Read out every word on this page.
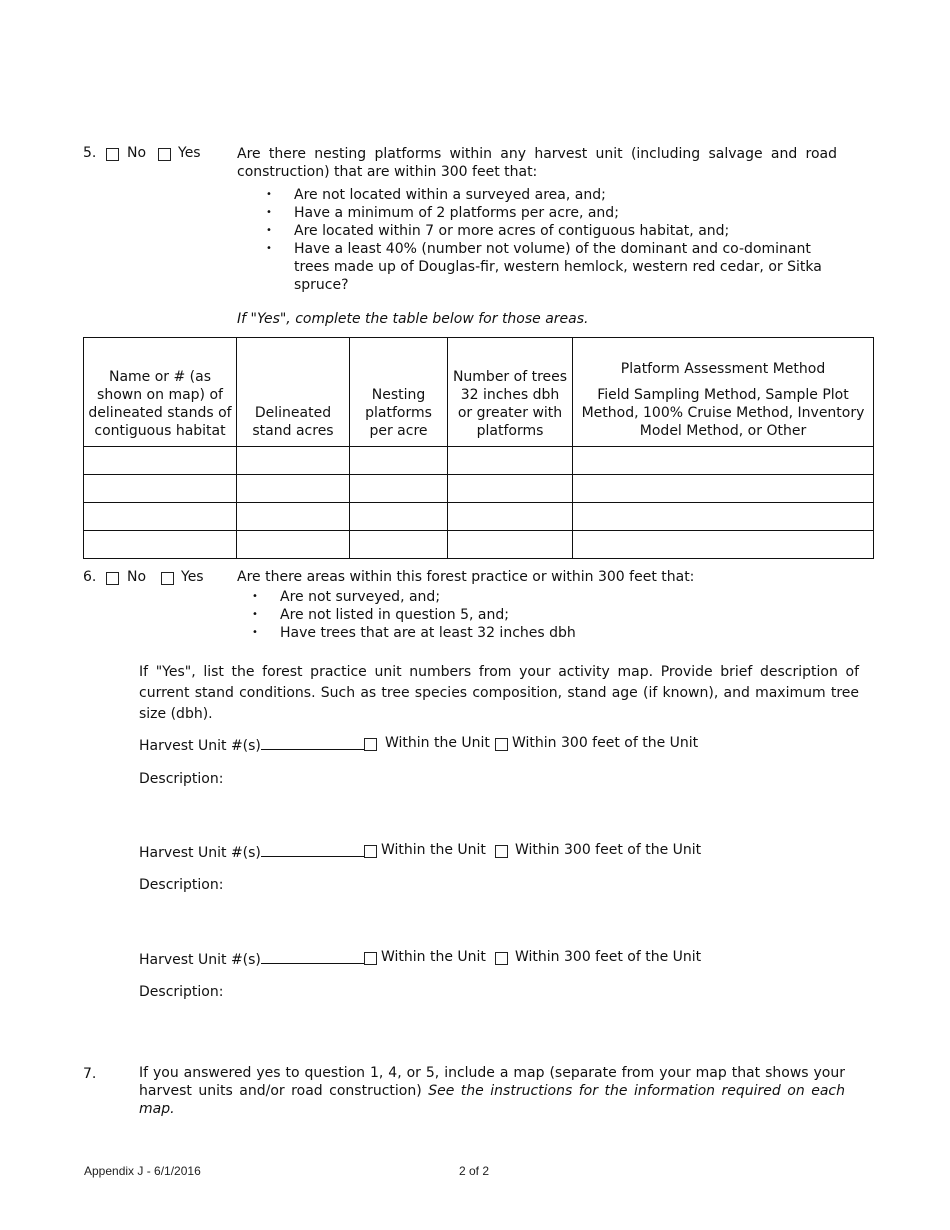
5. No Yes	Are there nesting platforms within any harvest unit (including salvage and road construction) that are within 300 feet that:
• Are not located within a surveyed area, and;
• Have a minimum of 2 platforms per acre, and;
• Are located within 7 or more acres of contiguous habitat, and;
• Have a least 40% (number not volume) of the dominant and co-dominant trees made up of Douglas-fir, western hemlock, western red cedar, or Sitka spruce?
If "Yes", complete the table below for those areas.
Name or # (as shown on map) of delineated stands of contiguous habitat	Delineated stand acres	Nesting platforms per acre	Number of trees 32 inches dbh or greater with platforms	Platform Assessment Method
Field Sampling Method, Sample Plot Method, 100% Cruise Method, Inventory Model Method, or Other

6. No Yes Are there areas within this forest practice or within 300 feet that:
• Are not surveyed, and;
• Are not listed in question 5, and;
• Have trees that are at least 32 inches dbh
If "Yes", list the forest practice unit numbers from your activity map. Provide brief description of current stand conditions. Such as tree species composition, stand age (if known), and maximum tree size (dbh).
Harvest Unit #(s)	Within the Unit Within 300 feet of the Unit
Description:
Harvest Unit #(s)	Within the Unit Within 300 feet of the Unit
Description:
Harvest Unit #(s)	Within the Unit Within 300 feet of the Unit
Description:
7.	If you answered yes to question 1, 4, or 5, include a map (separate from your map that shows your harvest units and/or road construction) See the instructions for the information required on each map.
Appendix J - 6/1/2016	2 of 2
